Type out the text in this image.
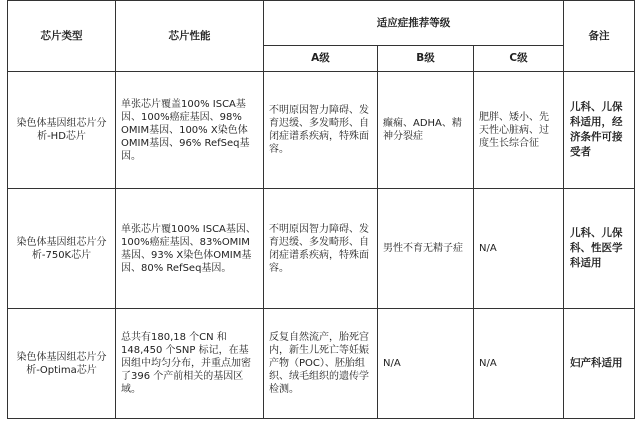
芯片类型	芯片性能	适应症推荐等级			备注
		A级	B级	C级	
染色体基因组芯片分析-HD芯片	单张芯片覆盖100% ISCA基因、100%癌症基因、98% OMIM基因、100% X染色体OMIM基因、96% RefSeq基因。	不明原因智力障碍、发育迟缓、多发畸形、自闭症谱系疾病，特殊面容。	癫痫、ADHA、精神分裂症	肥胖、矮小、先天性心脏病、过度生长综合征	儿科、儿保科适用，经济条件可接受者
染色体基因组芯片分析-750K芯片	单张芯片覆100% ISCA基因、100%癌症基因、83%OMIM基因、93% X染色体OMIM基因、80% RefSeq基因。	不明原因智力障碍、发育迟缓、多发畸形、自闭症谱系疾病，特殊面容。	男性不育无精子症	N/A	儿科、儿保科、性医学科适用
染色体基因组芯片分析-Optima芯片	总共有180,18 个CN 和148,450 个SNP 标记，在基因组中均匀分布，并重点加密了396 个产前相关的基因区域。	反复自然流产，胎死宫内，新生儿死亡等妊娠产物（POC）、胚胎组织、绒毛组织的遗传学检测。	N/A	N/A	妇产科适用
